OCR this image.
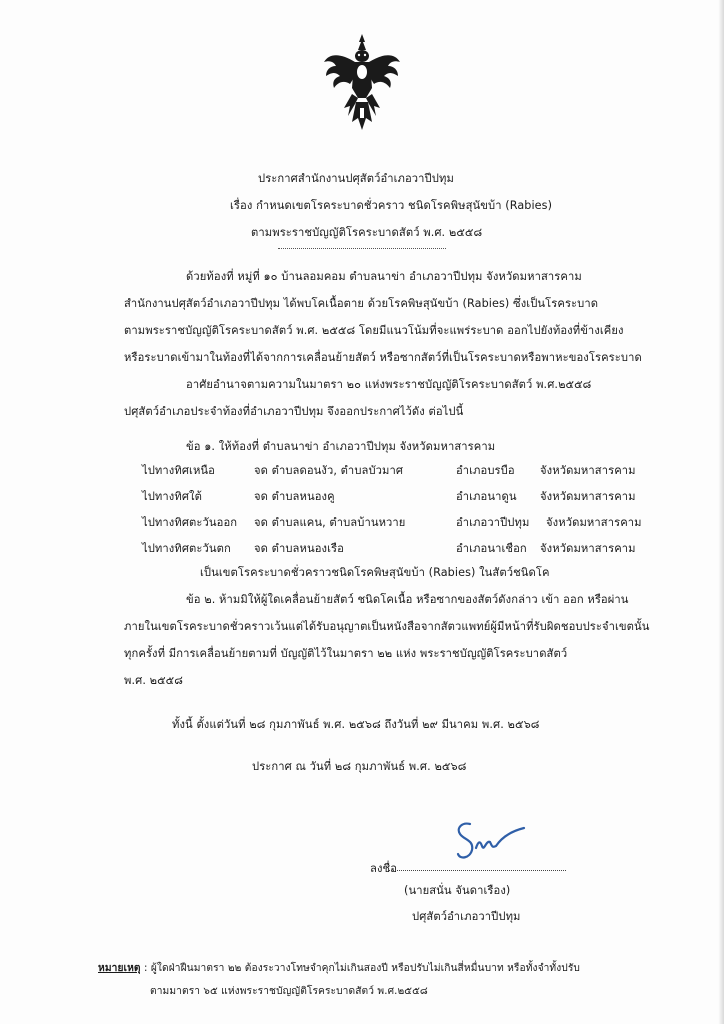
ประกาศสำนักงานปศุสัตว์อำเภอวาปีปทุม
เรื่อง กำหนดเขตโรคระบาดชั่วคราว ชนิดโรคพิษสุนัขบ้า (Rabies)
ตามพระราชบัญญัติโรคระบาดสัตว์ พ.ศ. ๒๕๕๘
ด้วยท้องที่ หมู่ที่ ๑๐ บ้านลอมคอม ตำบลนาข่า อำเภอวาปีปทุม จังหวัดมหาสารคาม
สำนักงานปศุสัตว์อำเภอวาปีปทุม ได้พบโคเนื้อตาย ด้วยโรคพิษสุนัขบ้า (Rabies) ซึ่งเป็นโรคระบาด
ตามพระราชบัญญัติโรคระบาดสัตว์ พ.ศ. ๒๕๕๘ โดยมีแนวโน้มที่จะแพร่ระบาด ออกไปยังท้องที่ข้างเคียง
หรือระบาดเข้ามาในท้องที่ได้จากการเคลื่อนย้ายสัตว์ หรือซากสัตว์ที่เป็นโรคระบาดหรือพาหะของโรคระบาด
อาศัยอำนาจตามความในมาตรา ๒๐ แห่งพระราชบัญญัติโรคระบาดสัตว์ พ.ศ.๒๕๕๘
ปศุสัตว์อำเภอประจำท้องที่อำเภอวาปีปทุม จึงออกประกาศไว้ดัง ต่อไปนี้
ข้อ ๑. ให้ท้องที่ ตำบลนาข่า อำเภอวาปีปทุม จังหวัดมหาสารคาม
ไปทางทิศเหนือ	จด ตำบลดอนงัว, ตำบลบัวมาศ	อำเภอบรบือ จังหวัดมหาสารคาม
ไปทางทิศใต้	จด ตำบลหนองคู	อำเภอนาดูน จังหวัดมหาสารคาม
ไปทางทิศตะวันออก จด ตำบลแคน, ตำบลบ้านหวาย	อำเภอวาปีปทุม จังหวัดมหาสารคาม
ไปทางทิศตะวันตก จด ตำบลหนองเรือ	อำเภอนาเชือก จังหวัดมหาสารคาม
เป็นเขตโรคระบาดชั่วคราวชนิดโรคพิษสุนัขบ้า (Rabies) ในสัตว์ชนิดโค
ข้อ ๒. ห้ามมิให้ผู้ใดเคลื่อนย้ายสัตว์ ชนิดโคเนื้อ หรือซากของสัตว์ดังกล่าว เข้า ออก หรือผ่าน
ภายในเขตโรคระบาดชั่วคราวเว้นแต่ได้รับอนุญาตเป็นหนังสือจากสัตวแพทย์ผู้มีหน้าที่รับผิดชอบประจำเขตนั้น
ทุกครั้งที่ มีการเคลื่อนย้ายตามที่ บัญญัติไว้ในมาตรา ๒๒ แห่ง พระราชบัญญัติโรคระบาดสัตว์
พ.ศ. ๒๕๕๘
ทั้งนี้ ตั้งแต่วันที่ ๒๘ กุมภาพันธ์ พ.ศ. ๒๕๖๘ ถึงวันที่ ๒๙ มีนาคม พ.ศ. ๒๕๖๘
ประกาศ ณ วันที่ ๒๘ กุมภาพันธ์ พ.ศ. ๒๕๖๘
ลงชื่อ
(นายสนั่น จันดาเรือง)
ปศุสัตว์อำเภอวาปีปทุม
หมายเหตุ : ผู้ใดฝ่าฝืนมาตรา ๒๒ ต้องระวางโทษจำคุกไม่เกินสองปี หรือปรับไม่เกินสี่หมื่นบาท หรือทั้งจำทั้งปรับ
ตามมาตรา ๖๕ แห่งพระราชบัญญัติโรคระบาดสัตว์ พ.ศ.๒๕๕๘
